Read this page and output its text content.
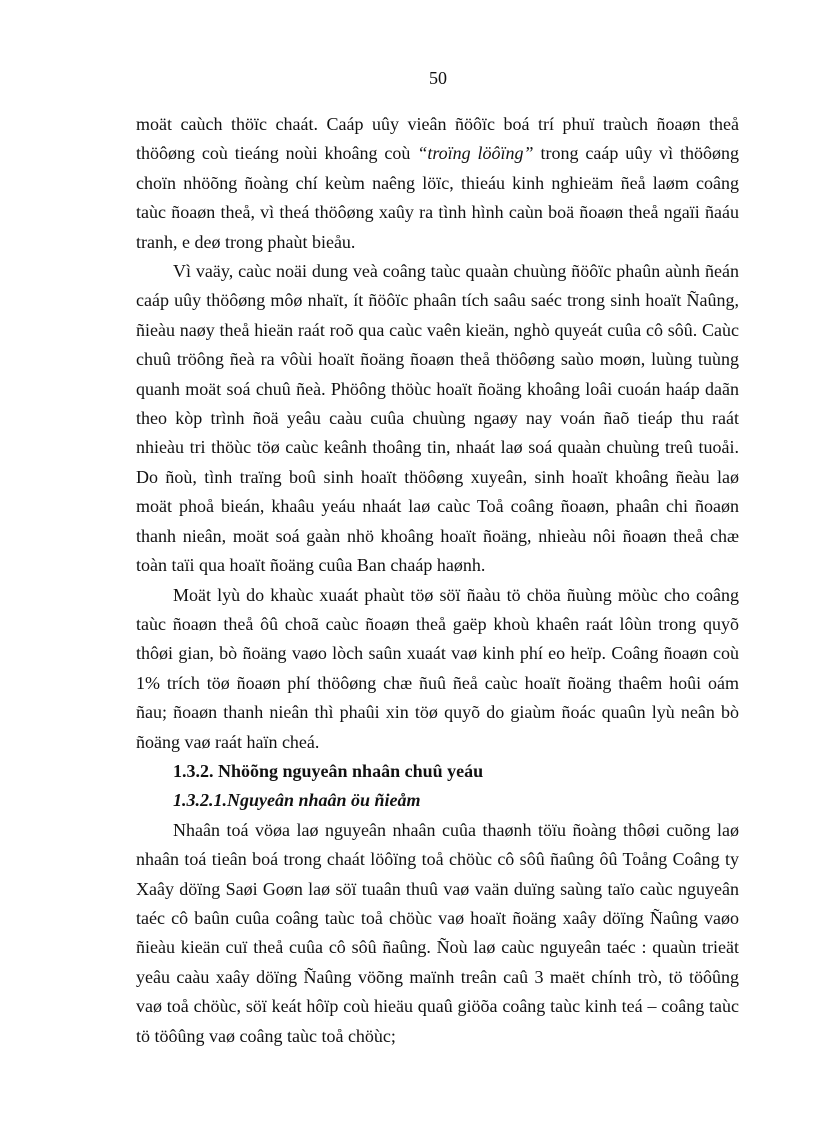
50

moät caùch thöïc chaát. Caáp uûy vieân ñöôïc boá trí phuï traùch ñoaøn theå thöôøng coù tieáng noùi khoâng coù “troïng löôïng” trong caáp uûy vì thöôøng choïn nhöõng ñoàng chí keùm naêng löïc, thieáu kinh nghieäm ñeå laøm coâng taùc ñoaøn theå, vì theá thöôøng xaûy ra tình hình caùn boä ñoaøn theå ngaïi ñaáu tranh, e deø trong phaùt bieåu.

Vì vaäy, caùc noäi dung veà coâng taùc quaàn chuùng ñöôïc phaûn aùnh ñeán caáp uûy thöôøng môø nhaït, ít ñöôïc phaân tích saâu saéc trong sinh hoaït Ñaûng, ñieàu naøy theå hieän raát roõ qua caùc vaên kieän, nghò quyeát cuûa cô sôû. Caùc chuû tröông ñeà ra vôùi hoaït ñoäng ñoaøn theå thöôøng saùo moøn, luùng tuùng quanh moät soá chuû ñeà. Phöông thöùc hoaït ñoäng khoâng loâi cuoán haáp daãn theo kòp trình ñoä yeâu caàu cuûa chuùng ngaøy nay voán ñaõ tieáp thu raát nhieàu tri thöùc töø caùc keânh thoâng tin, nhaát laø soá quaàn chuùng treû tuoåi. Do ñoù, tình traïng boû sinh hoaït thöôøng xuyeân, sinh hoaït khoâng ñeàu laø moät phoå bieán, khaâu yeáu nhaát laø caùc Toå coâng ñoaøn, phaân chi ñoaøn thanh nieân, moät soá gaàn nhö khoâng hoaït ñoäng, nhieàu nôi ñoaøn theå chæ toàn taïi qua hoaït ñoäng cuûa Ban chaáp haønh.

Moät lyù do khaùc xuaát phaùt töø söï ñaàu tö chöa ñuùng möùc cho coâng taùc ñoaøn theå ôû choã caùc ñoaøn theå gaëp khoù khaên raát lôùn trong quyõ thôøi gian, bò ñoäng vaøo lòch saûn xuaát vaø kinh phí eo heïp. Coâng ñoaøn coù 1% trích töø ñoaøn phí thöôøng chæ ñuû ñeå caùc hoaït ñoäng thaêm hoûi oám ñau; ñoaøn thanh nieân thì phaûi xin töø quyõ do giaùm ñoác quaûn lyù neân bò ñoäng vaø raát haïn cheá.

1.3.2. Nhöõng nguyeân nhaân chuû yeáu

1.3.2.1.Nguyeân nhaân öu ñieåm

Nhaân toá vöøa laø nguyeân nhaân cuûa thaønh töïu ñoàng thôøi cuõng laø nhaân toá tieân boá trong chaát löôïng toå chöùc cô sôû ñaûng ôû Toång Coâng ty Xaây döïng Saøi Goøn laø söï tuaân thuû vaø vaän duïng saùng taïo caùc nguyeân taéc cô baûn cuûa coâng taùc toå chöùc vaø hoaït ñoäng xaây döïng Ñaûng vaøo ñieàu kieän cuï theå cuûa cô sôû ñaûng. Ñoù laø caùc nguyeân taéc : quaùn trieät yeâu caàu xaây döïng Ñaûng vöõng maïnh treân caû 3 maët chính trò, tö töôûng vaø toå chöùc, söï keát hôïp coù hieäu quaû giöõa coâng taùc kinh teá – coâng taùc tö töôûng vaø coâng taùc toå chöùc;
